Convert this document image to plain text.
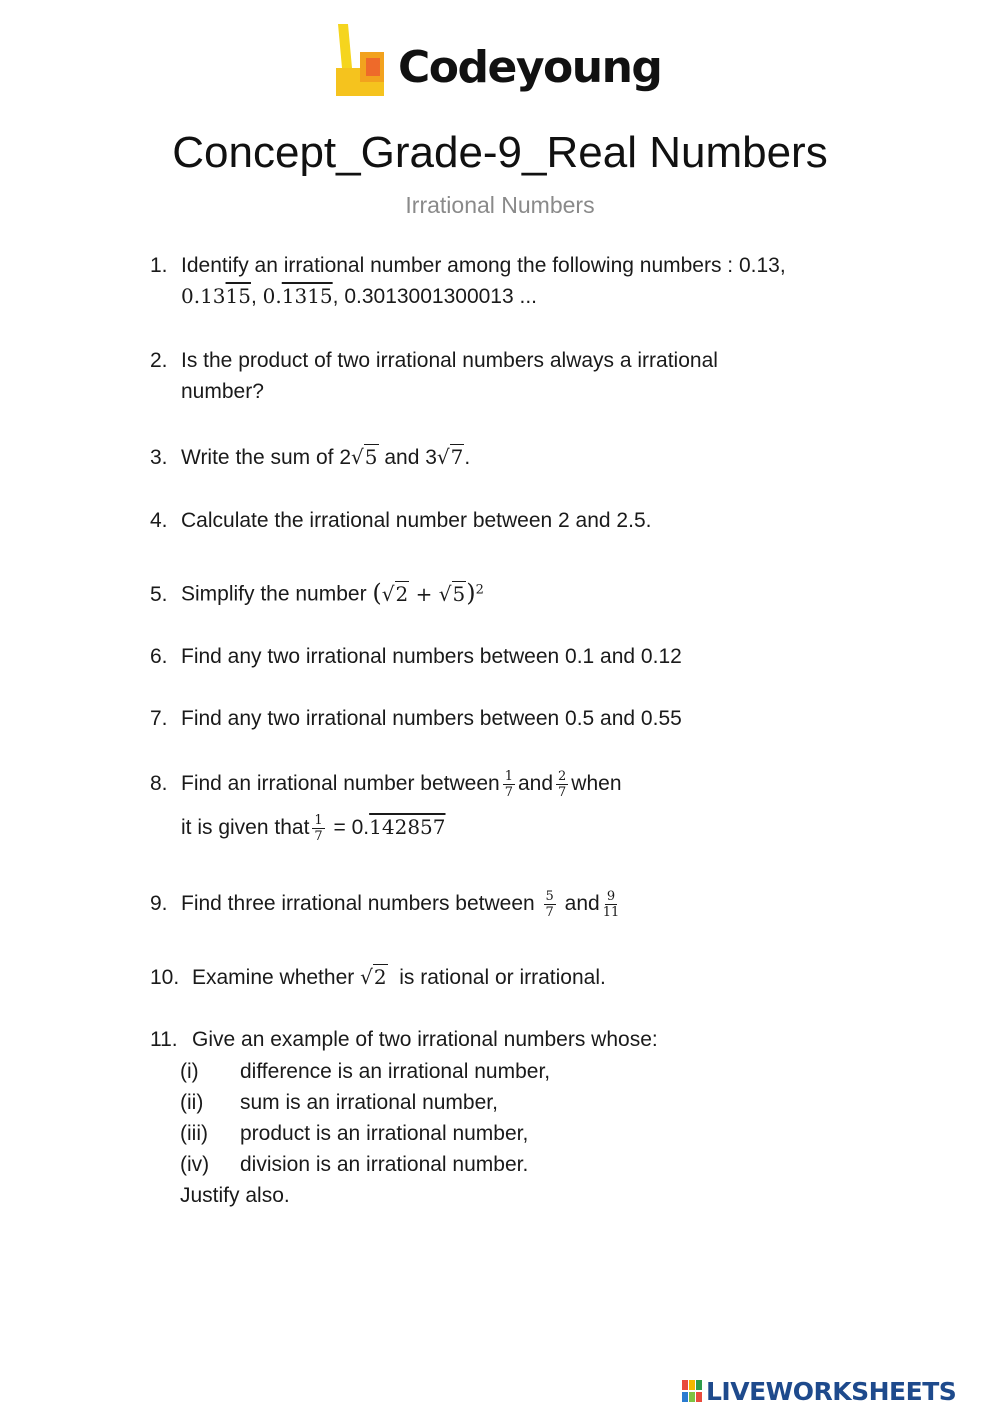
Codeyoung
Concept_Grade-9_Real Numbers
Irrational Numbers
1. Identify an irrational number among the following numbers : 0.13,
0.1315, 0.1315, 0.3013001300013 ...
2. Is the product of two irrational numbers always a irrational
number?
3. Write the sum of 2√5 and 3√7.
4. Calculate the irrational number between 2 and 2.5.
5. Simplify the number $(√2 + √5)^2$
6. Find any two irrational numbers between 0.1 and 0.12
7. Find any two irrational numbers between 0.5 and 0.55
8. Find an irrational number between $\frac{1}{7}$ and $\frac{2}{7}$ when
it is given that $\frac{1}{7} = 0.142857$
9. Find three irrational numbers between $\frac{5}{7}$ and $\frac{9}{11}$
10. Examine whether √2  is rational or irrational.
11. Give an example of two irrational numbers whose:
(i) difference is an irrational number,
(ii) sum is an irrational number,
(iii) product is an irrational number,
(iv) division is an irrational number.
Justify also.
LIVEWORKSHEETS
